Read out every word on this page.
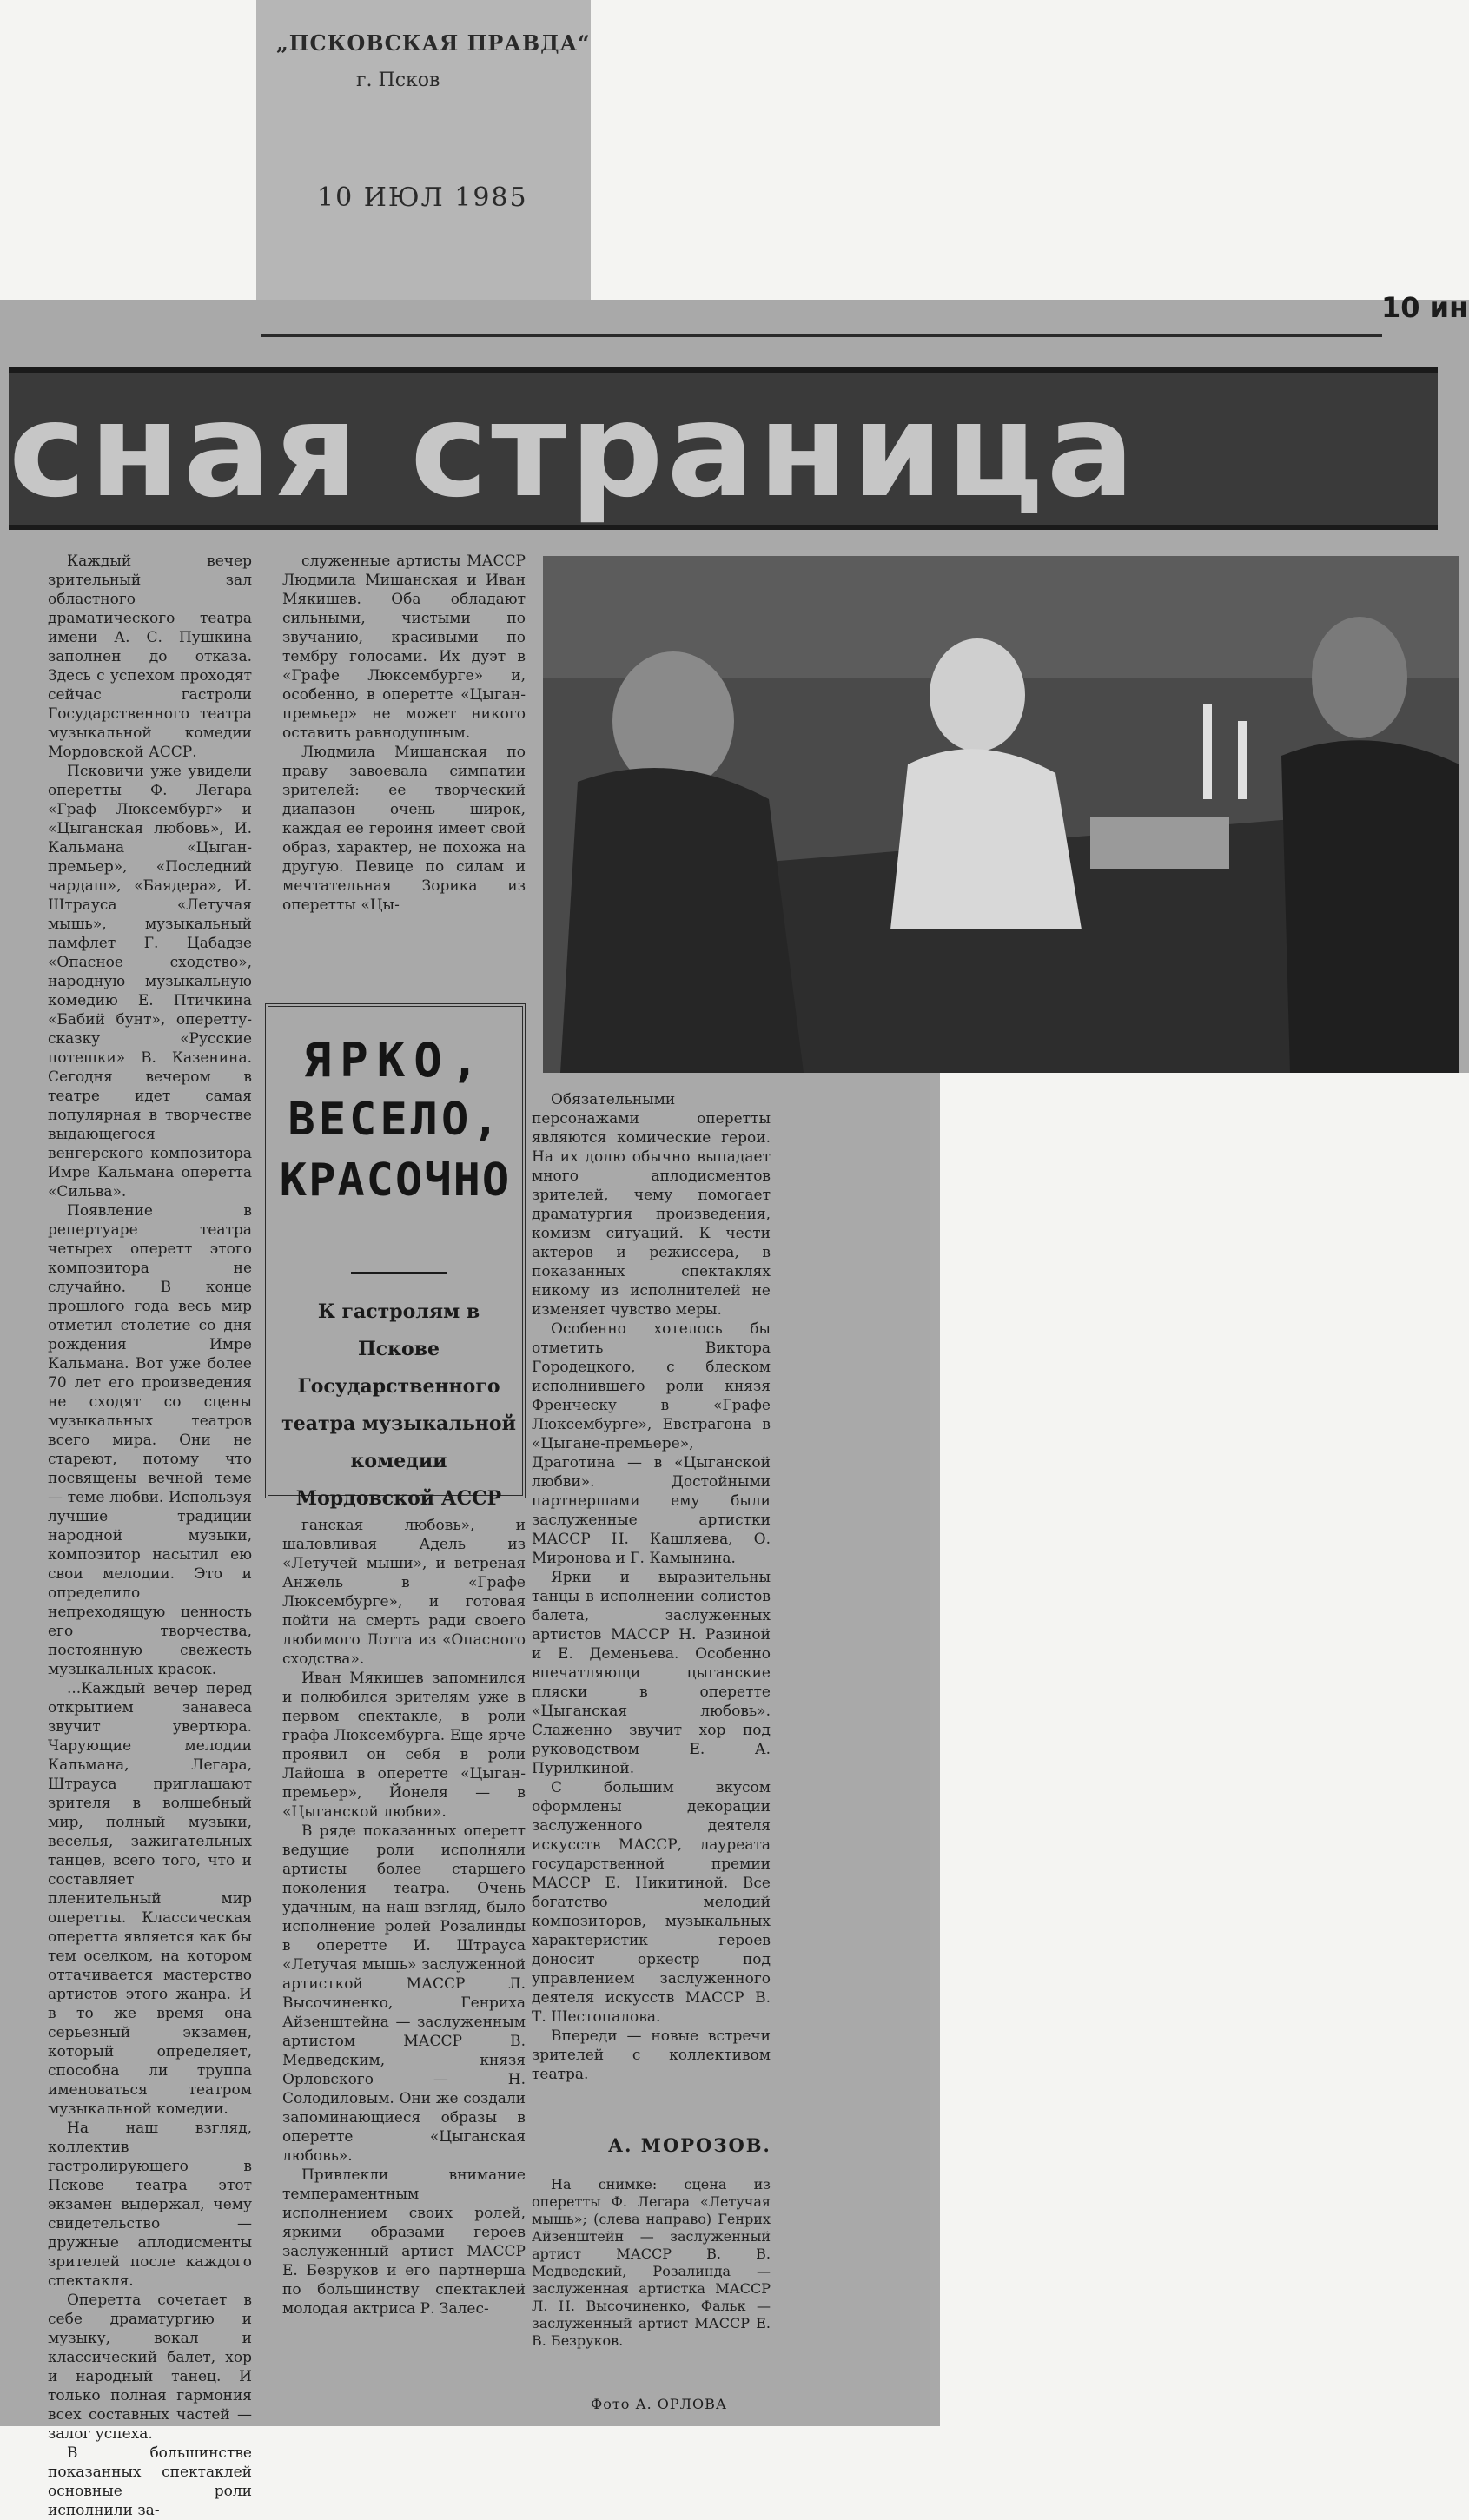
„ПСКОВСКАЯ ПРАВДА“
г. Псков
10 ИЮЛ 1985
10 ин
сная страница

Каждый вечер зрительный зал областного драматического театра имени А. С. Пушкина заполнен до отказа. Здесь с успехом проходят сейчас гастроли Государственного театра музыкальной комедии Мордовской АССР.

Псковичи уже увидели оперетты Ф. Легара «Граф Люксембург» и «Цыганская любовь», И. Кальмана «Цыган-премьер», «Последний чардаш», «Баядера», И. Штрауса «Летучая мышь», музыкальный памфлет Г. Цабадзе «Опасное сходство», народную музыкальную комедию Е. Птичкина «Бабий бунт», оперетту-сказку «Русские потешки» В. Казенина. Сегодня вечером в театре идет самая популярная в творчестве выдающегося венгерского композитора Имре Кальмана оперетта «Сильва».

Появление в репертуаре театра четырех оперетт этого композитора не случайно. В конце прошлого года весь мир отметил столетие со дня рождения Имре Кальмана. Вот уже более 70 лет его произведения не сходят со сцены музыкальных театров всего мира. Они не стареют, потому что посвящены вечной теме — теме любви. Используя лучшие традиции народной музыки, композитор насытил ею свои мелодии. Это и определило непреходящую ценность его творчества, постоянную свежесть музыкальных красок.

...Каждый вечер перед открытием занавеса звучит увертюра. Чарующие мелодии Кальмана, Легара, Штрауса приглашают зрителя в волшебный мир, полный музыки, веселья, зажигательных танцев, всего того, что и составляет пленительный мир оперетты. Классическая оперетта является как бы тем оселком, на котором оттачивается мастерство артистов этого жанра. И в то же время она серьезный экзамен, который определяет, способна ли труппа именоваться театром музыкальной комедии.

На наш взгляд, коллектив гастролирующего в Пскове театра этот экзамен выдержал, чему свидетельство — дружные аплодисменты зрителей после каждого спектакля.

Оперетта сочетает в себе драматургию и музыку, вокал и классический балет, хор и народный танец. И только полная гармония всех составных частей — залог успеха.

В большинстве показанных спектаклей основные роли исполнили за-

служенные артисты МАССР Людмила Мишанская и Иван Мякишев. Оба обладают сильными, чистыми по звучанию, красивыми по тембру голосами. Их дуэт в «Графе Люксембурге» и, особенно, в оперетте «Цыган-премьер» не может никого оставить равнодушным.

Людмила Мишанская по праву завоевала симпатии зрителей: ее творческий диапазон очень широк, каждая ее героиня имеет свой образ, характер, не похожа на другую. Певице по силам и мечтательная Зорика из оперетты «Цы-

ЯРКО,
ВЕСЕЛО,
КРАСОЧНО
К гастролям в Пскове Государственного театра музыкальной комедии Мордовской АССР

ганская любовь», и шаловливая Адель из «Летучей мыши», и ветреная Анжель в «Графе Люксембурге», и готовая пойти на смерть ради своего любимого Лотта из «Опасного сходства».

Иван Мякишев запомнился и полюбился зрителям уже в первом спектакле, в роли графа Люксембурга. Еще ярче проявил он себя в роли Лайоша в оперетте «Цыган-премьер», Йонеля — в «Цыганской любви».

В ряде показанных оперетт ведущие роли исполняли артисты более старшего поколения театра. Очень удачным, на наш взгляд, было исполнение ролей Розалинды в оперетте И. Штрауса «Летучая мышь» заслуженной артисткой МАССР Л. Высочиненко, Генриха Айзенштейна — заслуженным артистом МАССР В. Медведским, князя Орловского — Н. Солодиловым. Они же создали запоминающиеся образы в оперетте «Цыганская любовь».

Привлекли внимание темпераментным исполнением своих ролей, яркими образами героев заслуженный артист МАССР Е. Безруков и его партнерша по большинству спектаклей молодая актриса Р. Залес-

Обязательными персонажами оперетты являются комические герои. На их долю обычно выпадает много аплодисментов зрителей, чему помогает драматургия произведения, комизм ситуаций. К чести актеров и режиссера, в показанных спектаклях никому из исполнителей не изменяет чувство меры.

Особенно хотелось бы отметить Виктора Городецкого, с блеском исполнившего роли князя Френческу в «Графе Люксембурге», Евстрагона в «Цыгане-премьере», Драготина — в «Цыганской любви». Достойными партнершами ему были заслуженные артистки МАССР Н. Кашляева, О. Миронова и Г. Камынина.

Ярки и выразительны танцы в исполнении солистов балета, заслуженных артистов МАССР Н. Разиной и Е. Деменьева. Особенно впечатляющи цыганские пляски в оперетте «Цыганская любовь». Слаженно звучит хор под руководством Е. А. Пурилкиной.

С большим вкусом оформлены декорации заслуженного деятеля искусств МАССР, лауреата государственной премии МАССР Е. Никитиной. Все богатство мелодий композиторов, музыкальных характеристик героев доносит оркестр под управлением заслуженного деятеля искусств МАССР В. Т. Шестопалова.

Впереди — новые встречи зрителей с коллективом театра.

А. МОРОЗОВ.

На снимке: сцена из оперетты Ф. Легара «Летучая мышь»; (слева направо) Генрих Айзенштейн — заслуженный артист МАССР В. В. Медведский, Розалинда — заслуженная артистка МАССР Л. Н. Высочиненко, Фальк — заслуженный артист МАССР Е. В. Безруков.

Фото А. ОРЛОВА
